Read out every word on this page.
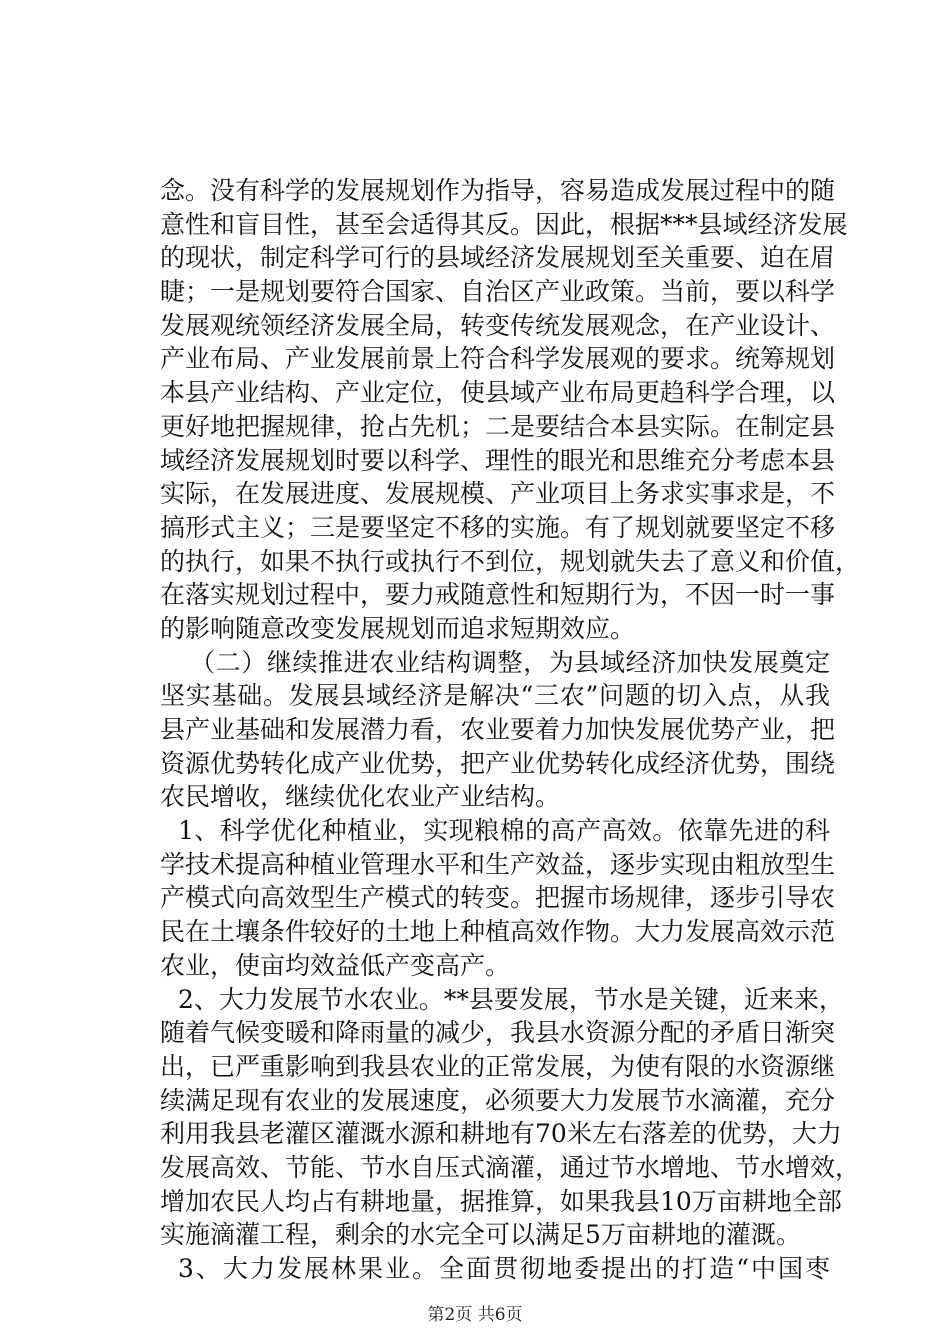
念。没有科学的发展规划作为指导，容易造成发展过程中的随
意性和盲目性，甚至会适得其反。因此，根据***县域经济发展
的现状，制定科学可行的县域经济发展规划至关重要、迫在眉
睫；一是规划要符合国家、自治区产业政策。当前，要以科学
发展观统领经济发展全局，转变传统发展观念，在产业设计、
产业布局、产业发展前景上符合科学发展观的要求。统筹规划
本县产业结构、产业定位，使县域产业布局更趋科学合理，以
更好地把握规律，抢占先机；二是要结合本县实际。在制定县
域经济发展规划时要以科学、理性的眼光和思维充分考虑本县
实际，在发展进度、发展规模、产业项目上务求实事求是，不
搞形式主义；三是要坚定不移的实施。有了规划就要坚定不移
的执行，如果不执行或执行不到位，规划就失去了意义和价值，
在落实规划过程中，要力戒随意性和短期行为，不因一时一事
的影响随意改变发展规划而追求短期效应。
（二）继续推进农业结构调整，为县域经济加快发展奠定
坚实基础。发展县域经济是解决“三农”问题的切入点，从我
县产业基础和发展潜力看，农业要着力加快发展优势产业，把
资源优势转化成产业优势，把产业优势转化成经济优势，围绕
农民增收，继续优化农业产业结构。
1、科学优化种植业，实现粮棉的高产高效。依靠先进的科
学技术提高种植业管理水平和生产效益，逐步实现由粗放型生
产模式向高效型生产模式的转变。把握市场规律，逐步引导农
民在土壤条件较好的土地上种植高效作物。大力发展高效示范
农业，使亩均效益低产变高产。
2、大力发展节水农业。**县要发展，节水是关键，近来来，
随着气候变暖和降雨量的减少，我县水资源分配的矛盾日渐突
出，已严重影响到我县农业的正常发展，为使有限的水资源继
续满足现有农业的发展速度，必须要大力发展节水滴灌，充分
利用我县老灌区灌溉水源和耕地有70米左右落差的优势，大力
发展高效、节能、节水自压式滴灌，通过节水增地、节水增效，
增加农民人均占有耕地量，据推算，如果我县10万亩耕地全部
实施滴灌工程，剩余的水完全可以满足5万亩耕地的灌溉。
3、大力发展林果业。全面贯彻地委提出的打造“中国枣
第2页 共6页
